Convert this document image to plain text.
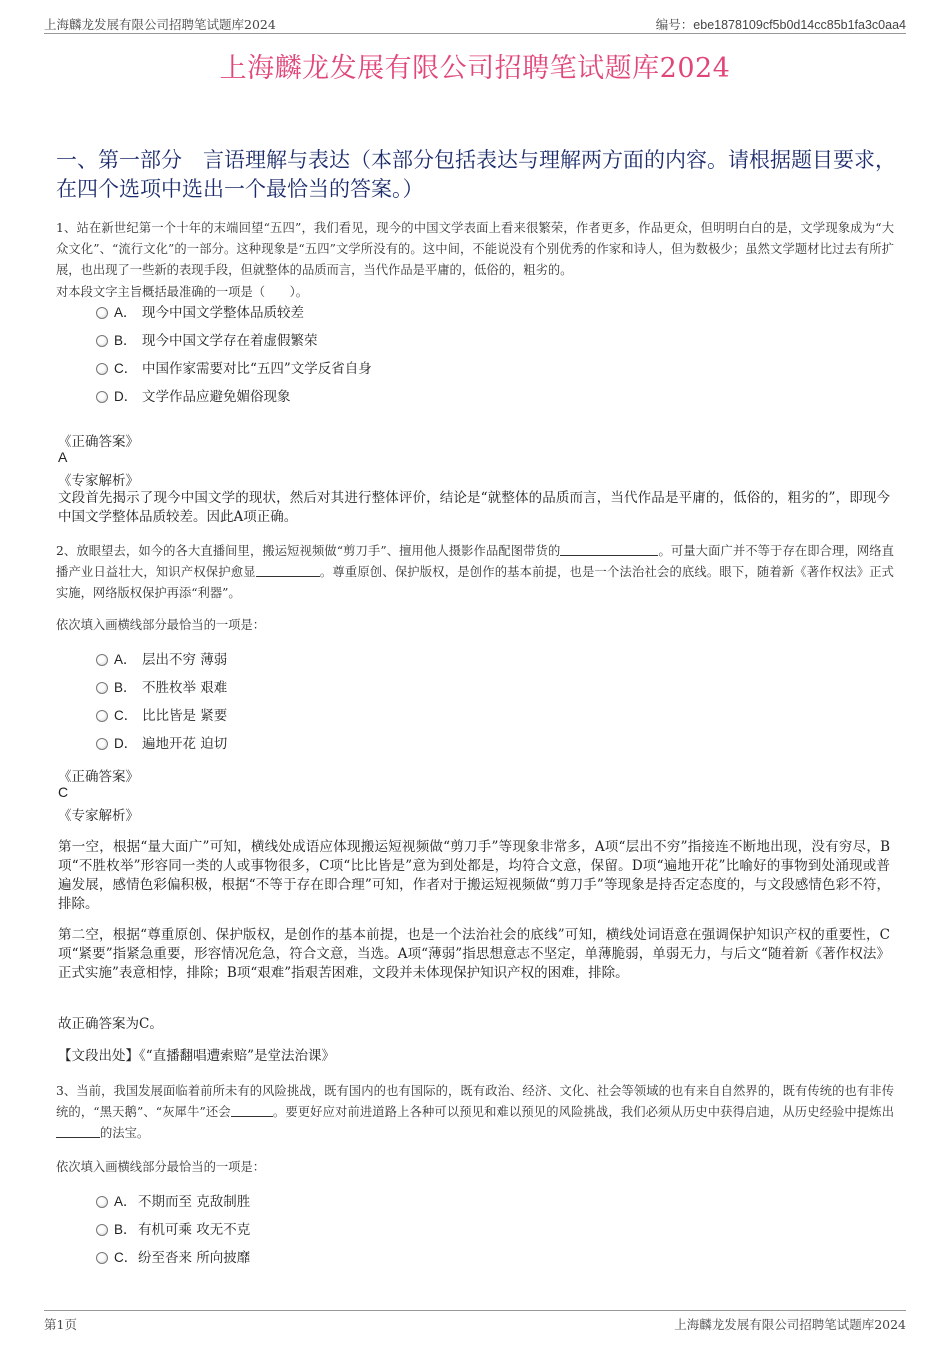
上海麟龙发展有限公司招聘笔试题库2024	编号：ebe1878109cf5b0d14cc85b1fa3c0aa4
上海麟龙发展有限公司招聘笔试题库2024
一、第一部分　言语理解与表达（本部分包括表达与理解两方面的内容。请根据题目要求，在四个选项中选出一个最恰当的答案。）
1、站在新世纪第一个十年的末端回望“五四”，我们看见，现今的中国文学表面上看来很繁荣，作者更多，作品更众，但明明白白的是，文学现象成为“大众文化”、“流行文化”的一部分。这种现象是“五四”文学所没有的。这中间，不能说没有个别优秀的作家和诗人，但为数极少；虽然文学题材比过去有所扩展，也出现了一些新的表现手段，但就整体的品质而言，当代作品是平庸的，低俗的，粗劣的。
对本段文字主旨概括最准确的一项是（　　）。
A． 现今中国文学整体品质较差
B． 现今中国文学存在着虚假繁荣
C． 中国作家需要对比“五四”文学反省自身
D． 文学作品应避免媚俗现象
《正确答案》
A
《专家解析》
文段首先揭示了现今中国文学的现状，然后对其进行整体评价，结论是“就整体的品质而言，当代作品是平庸的，低俗的，粗劣的”，即现今中国文学整体品质较差。因此A项正确。
2、放眼望去，如今的各大直播间里，搬运短视频做“剪刀手”、擅用他人摄影作品配图带货的	。可量大面广并不等于存在即合理，网络直播产业日益壮大，知识产权保护愈显	。尊重原创、保护版权，是创作的基本前提，也是一个法治社会的底线。眼下，随着新《著作权法》正式实施，网络版权保护再添“利器”。
依次填入画横线部分最恰当的一项是：
A． 层出不穷 薄弱
B． 不胜枚举 艰难
C． 比比皆是 紧要
D． 遍地开花 迫切
《正确答案》
C
《专家解析》
第一空，根据“量大面广”可知，横线处成语应体现搬运短视频做“剪刀手”等现象非常多，A项“层出不穷”指接连不断地出现，没有穷尽，B项“不胜枚举”形容同一类的人或事物很多，C项“比比皆是”意为到处都是，均符合文意，保留。D项“遍地开花”比喻好的事物到处涌现或普遍发展，感情色彩偏积极，根据“不等于存在即合理”可知，作者对于搬运短视频做“剪刀手”等现象是持否定态度的，与文段感情色彩不符，排除。
第二空，根据“尊重原创、保护版权，是创作的基本前提，也是一个法治社会的底线”可知，横线处词语意在强调保护知识产权的重要性，C项“紧要”指紧急重要，形容情况危急，符合文意，当选。A项“薄弱”指思想意志不坚定，单薄脆弱，单弱无力，与后文“随着新《著作权法》正式实施”表意相悖，排除；B项“艰难”指艰苦困难，文段并未体现保护知识产权的困难，排除。
故正确答案为C。
【文段出处】《“直播翻唱遭索赔”是堂法治课》
3、当前，我国发展面临着前所未有的风险挑战，既有国内的也有国际的，既有政治、经济、文化、社会等领域的也有来自自然界的，既有传统的也有非传统的，“黑天鹅”、“灰犀牛”还会	。要更好应对前进道路上各种可以预见和难以预见的风险挑战，我们必须从历史中获得启迪，从历史经验中提炼出的法宝。
依次填入画横线部分最恰当的一项是：
A．不期而至 克敌制胜
B．有机可乘 攻无不克
C．纷至沓来 所向披靡
第1页	上海麟龙发展有限公司招聘笔试题库2024
